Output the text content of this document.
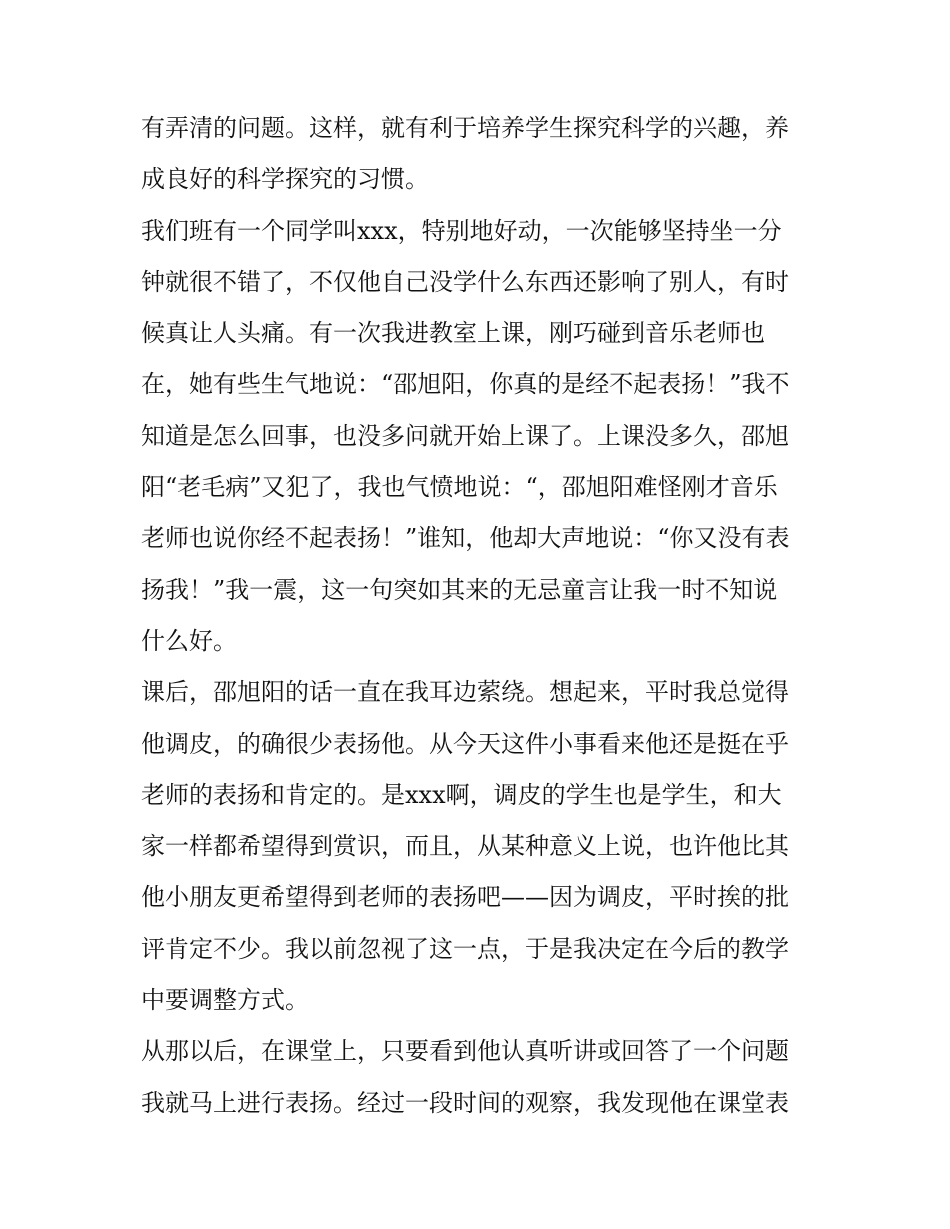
有弄清的问题。这样，就有利于培养学生探究科学的兴趣，养
成良好的科学探究的习惯。
我们班有一个同学叫xxx，特别地好动，一次能够坚持坐一分
钟就很不错了，不仅他自己没学什么东西还影响了别人，有时
候真让人头痛。有一次我进教室上课，刚巧碰到音乐老师也
在，她有些生气地说：“邵旭阳，你真的是经不起表扬！”我不
知道是怎么回事，也没多问就开始上课了。上课没多久，邵旭
阳“老毛病”又犯了，我也气愤地说：“，邵旭阳难怪刚才音乐
老师也说你经不起表扬！”谁知，他却大声地说：“你又没有表
扬我！”我一震，这一句突如其来的无忌童言让我一时不知说
什么好。
课后，邵旭阳的话一直在我耳边萦绕。想起来，平时我总觉得
他调皮，的确很少表扬他。从今天这件小事看来他还是挺在乎
老师的表扬和肯定的。是xxx啊，调皮的学生也是学生，和大
家一样都希望得到赏识，而且，从某种意义上说，也许他比其
他小朋友更希望得到老师的表扬吧——因为调皮，平时挨的批
评肯定不少。我以前忽视了这一点，于是我决定在今后的教学
中要调整方式。
从那以后，在课堂上，只要看到他认真听讲或回答了一个问题
我就马上进行表扬。经过一段时间的观察，我发现他在课堂表
